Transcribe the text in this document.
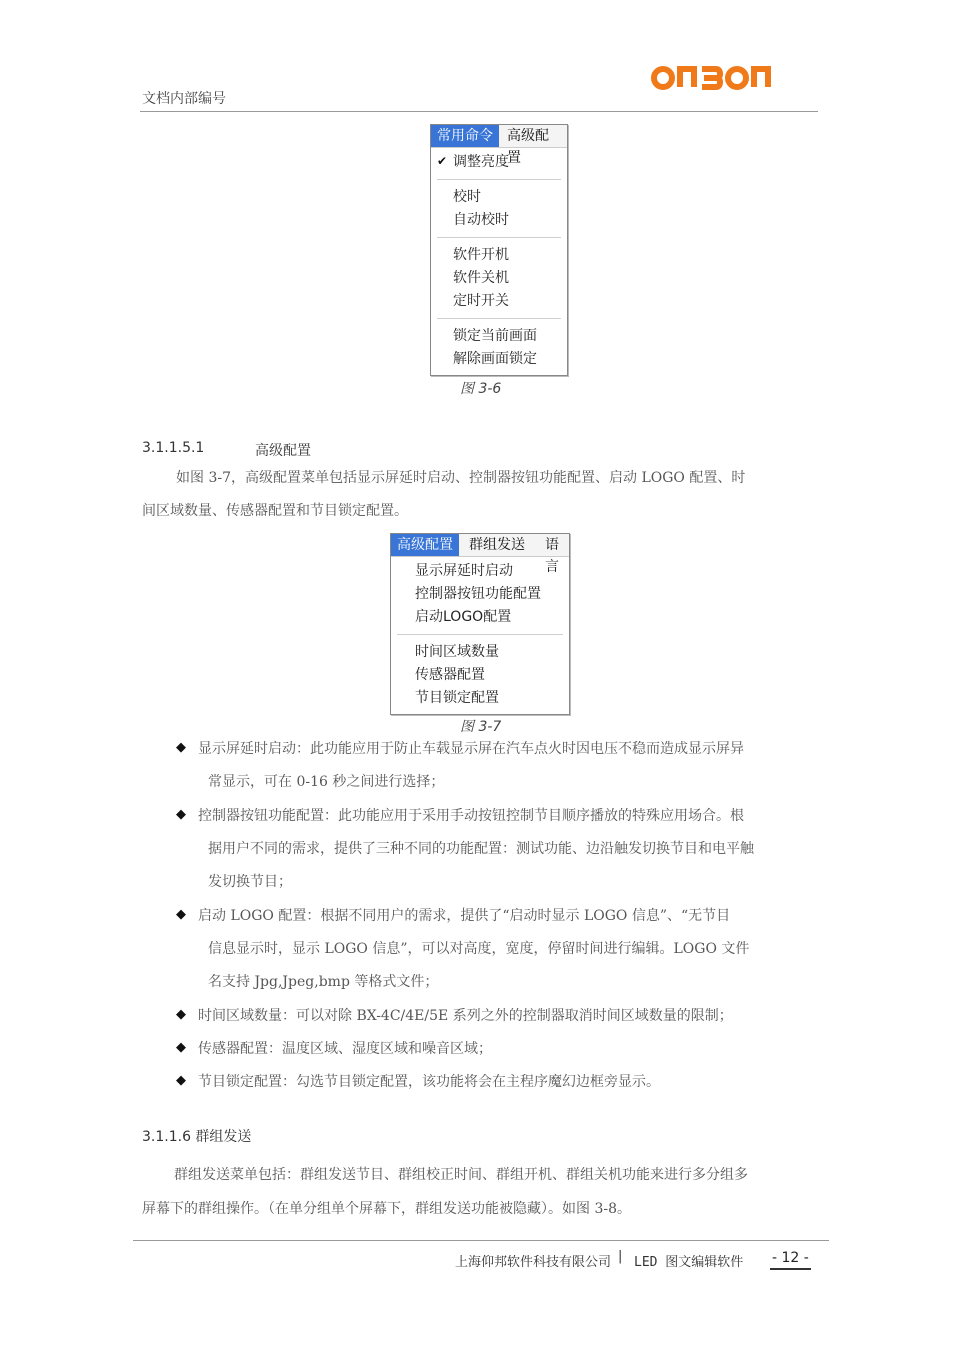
文档内部编号
常用命令	高级配置
✔ 调整亮度
校时
自动校时
软件开机
软件关机
定时开关
锁定当前画面
解除画面锁定
图 3-6
3.1.1.5.1	高级配置
如图 3-7，高级配置菜单包括显示屏延时启动、控制器按钮功能配置、启动 LOGO 配置、时
间区域数量、传感器配置和节目锁定配置。
高级配置	群组发送	语言
显示屏延时启动
控制器按钮功能配置
启动LOGO配置
时间区域数量
传感器配置
节目锁定配置
图 3-7
◆ 显示屏延时启动：此功能应用于防止车载显示屏在汽车点火时因电压不稳而造成显示屏异
常显示，可在 0-16 秒之间进行选择；
◆ 控制器按钮功能配置：此功能应用于采用手动按钮控制节目顺序播放的特殊应用场合。根
据用户不同的需求，提供了三种不同的功能配置：测试功能、边沿触发切换节目和电平触
发切换节目；
◆ 启动 LOGO 配置：根据不同用户的需求，提供了“启动时显示 LOGO 信息”、“无节目
信息显示时，显示 LOGO 信息”，可以对高度，宽度，停留时间进行编辑。LOGO 文件
名支持 Jpg,Jpeg,bmp 等格式文件；
◆ 时间区域数量：可以对除 BX-4C/4E/5E 系列之外的控制器取消时间区域数量的限制；
◆ 传感器配置：温度区域、湿度区域和噪音区域；
◆ 节目锁定配置：勾选节目锁定配置，该功能将会在主程序魔幻边框旁显示。
3.1.1.6 群组发送
群组发送菜单包括：群组发送节目、群组校正时间、群组开机、群组关机功能来进行多分组多
屏幕下的群组操作。（在单分组单个屏幕下，群组发送功能被隐藏）。如图 3-8。
上海仰邦软件科技有限公司 | LED 图文编辑软件 - 12 -
